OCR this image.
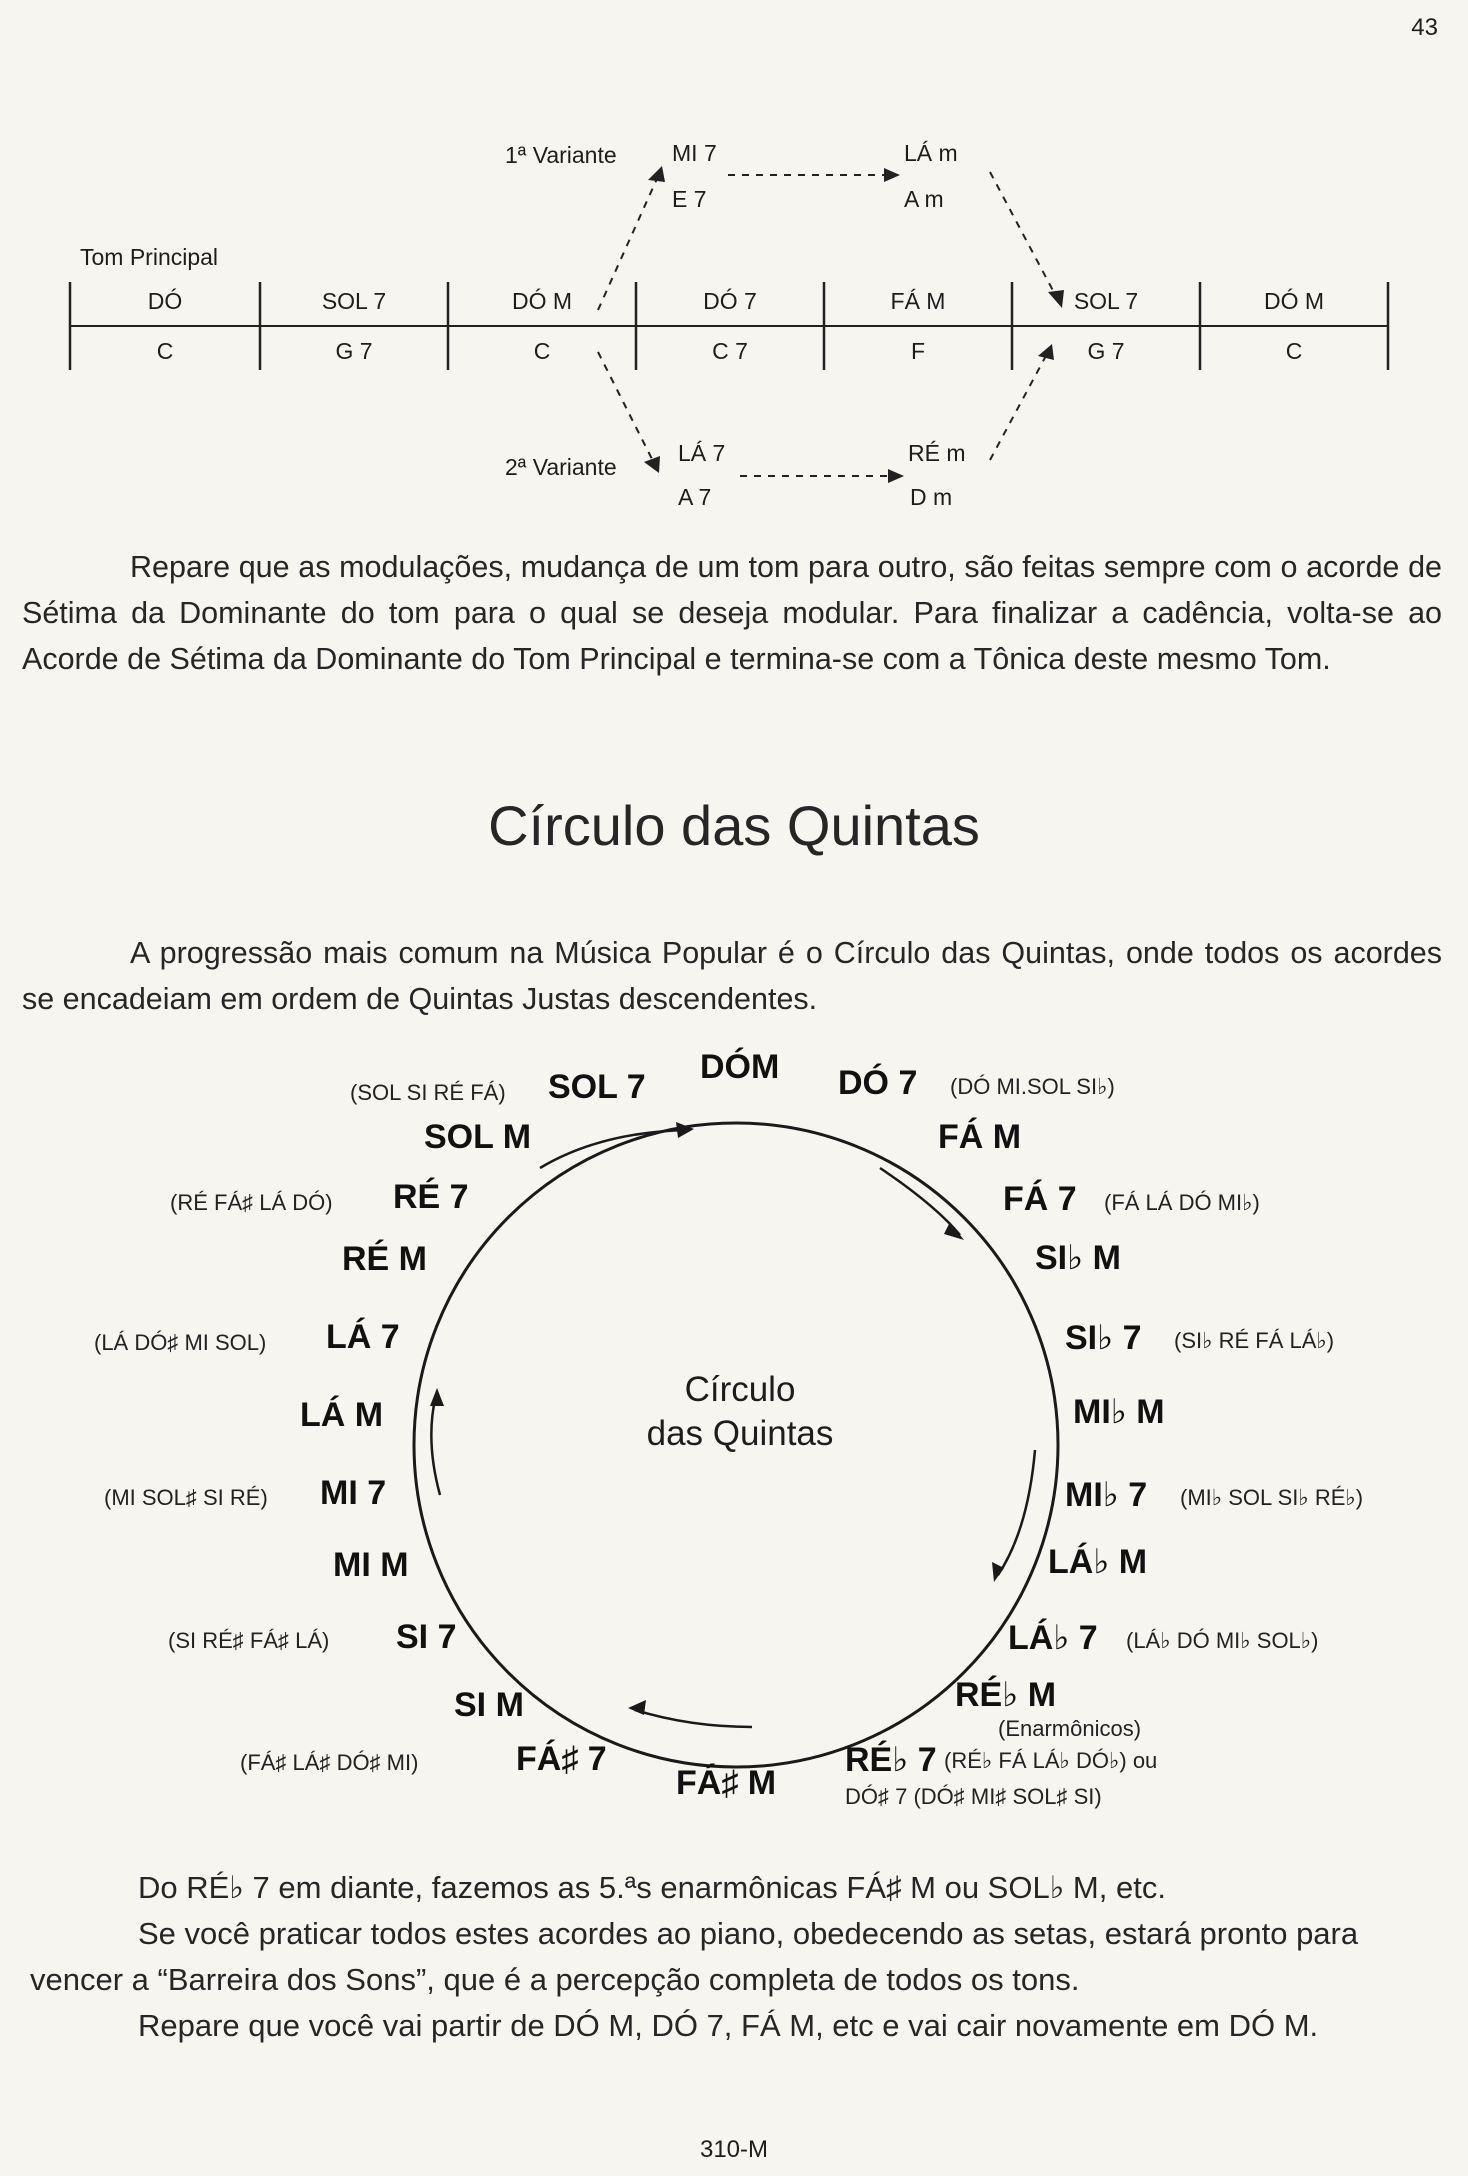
43
Tom Principal
1ª Variante
2ª Variante
MI 7
E 7
LÁ m
A m
LÁ 7
A 7
RÉ m
D m
DÓ
C
SOL 7
G 7
DÓ M
C
DÓ 7
C 7
FÁ M
F
SOL 7
G 7
DÓ M
C

Repare que as modulações, mudança de um tom para outro, são feitas sempre com o acorde de Sétima da Dominante do tom para o qual se deseja modular. Para finalizar a cadência, volta-se ao Acorde de Sétima da Dominante do Tom Principal e termina-se com a Tônica deste mesmo Tom.

Círculo das Quintas

A progressão mais comum na Música Popular é o Círculo das Quintas, onde todos os acordes se encadeiam em ordem de Quintas Justas descendentes.

Círculo
das Quintas
DÓM DÓ 7 (DÓ MI.SOL SI♭)
FÁ M
FÁ 7 (FÁ LÁ DÓ MI♭)
SI♭ M
SI♭ 7 (SI♭ RÉ FÁ LÁ♭)
MI♭ M
MI♭ 7 (MI♭ SOL SI♭ RÉ♭)
LÁ♭ M
LÁ♭ 7 (LÁ♭ DÓ MI♭ SOL♭)
RÉ♭ M
(Enarmônicos)
RÉ♭ 7 (RÉ♭ FÁ LÁ♭ DÓ♭) ou
DÓ♯ 7 (DÓ♯ MI♯ SOL♯ SI)
FÁ♯ M
(SOL SI RÉ FÁ) SOL 7
SOL M
(RÉ FÁ♯ LÁ DÓ) RÉ 7
RÉ M
(LÁ DÓ♯ MI SOL) LÁ 7
LÁ M
(MI SOL♯ SI RÉ) MI 7
MI M
(SI RÉ♯ FÁ♯ LÁ) SI 7
SI M
(FÁ♯ LÁ♯ DÓ♯ MI)	FÁ♯ 7

Do RÉ♭ 7 em diante, fazemos as 5.ªs enarmônicas FÁ♯ M ou SOL♭ M, etc.

Se você praticar todos estes acordes ao piano, obedecendo as setas, estará pronto para vencer a “Barreira dos Sons”, que é a percepção completa de todos os tons.

Repare que você vai partir de DÓ M, DÓ 7, FÁ M, etc e vai cair novamente em DÓ M.

310-M
